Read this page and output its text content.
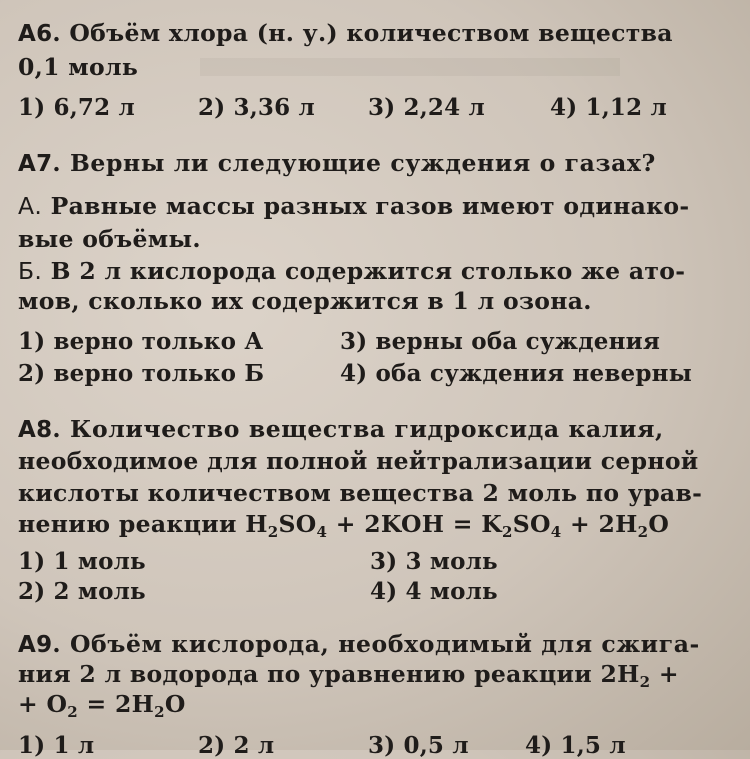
A6. Объём хлора (н. у.) количеством вещества
0,1 моль
1) 6,72 л	2) 3,36 л 3) 2,24 л	4) 1,12 л
A7. Верны ли следующие суждения о газах?
А. Равные массы разных газов имеют одинако-
вые объёмы.
Б. В 2 л кислорода содержится столько же ато-
мов, сколько их содержится в 1 л озона.
1) верно только А	3) верны оба суждения
2) верно только Б	4) оба суждения неверны
A8. Количество вещества гидроксида калия,
необходимое для полной нейтрализации серной
кислоты количеством вещества 2 моль по урав-
нению реакции $H_2SO_4 + 2KOH = K_2SO_4 + 2H_2O$
1) 1 моль	3) 3 моль
2) 2 моль	4) 4 моль
A9. Объём кислорода, необходимый для сжига-
ния 2 л водорода по уравнению реакции $2H_2$ +
+ $O_2 = 2H_2O$
1) 1 л	2) 2 л	3) 0,5 л 4) 1,5 л
